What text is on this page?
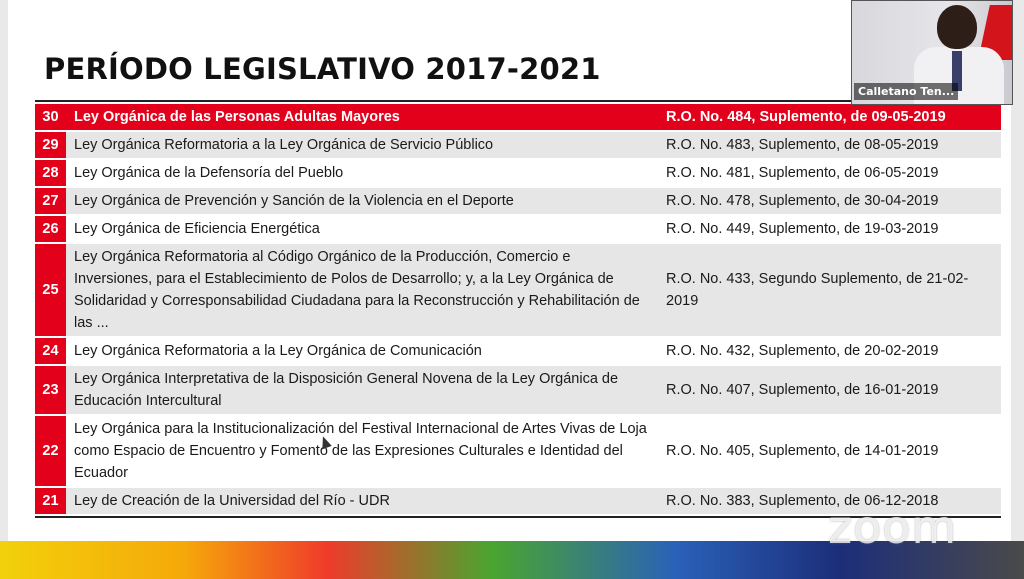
PERÍODO LEGISLATIVO 2017-2021
30	Ley Orgánica de las Personas Adultas Mayores	R.O. No. 484, Suplemento, de 09-05-2019
29	Ley Orgánica Reformatoria a la Ley Orgánica de Servicio Público	R.O. No. 483, Suplemento, de 08-05-2019
28	Ley Orgánica de la Defensoría del Pueblo	R.O. No. 481, Suplemento, de 06-05-2019
27	Ley Orgánica de Prevención y Sanción de la Violencia en el Deporte	R.O. No. 478, Suplemento, de 30-04-2019
26	Ley Orgánica de Eficiencia Energética	R.O. No. 449, Suplemento, de 19-03-2019
25	Ley Orgánica Reformatoria al Código Orgánico de la Producción, Comercio e Inversiones, para el Establecimiento de Polos de Desarrollo; y, a la Ley Orgánica de Solidaridad y Corresponsabilidad Ciudadana para la Reconstrucción y Rehabilitación de las ...	R.O. No. 433, Segundo Suplemento, de 21-02-2019
24	Ley Orgánica Reformatoria a la Ley Orgánica de Comunicación	R.O. No. 432, Suplemento, de 20-02-2019
23	Ley Orgánica Interpretativa de la Disposición General Novena de la Ley Orgánica de Educación Intercultural	R.O. No. 407, Suplemento, de 16-01-2019
22	Ley Orgánica para la Institucionalización del Festival Internacional de Artes Vivas de Loja como Espacio de Encuentro y Fomento de las Expresiones Culturales e Identidad del Ecuador	R.O. No. 405, Suplemento, de 14-01-2019
21	Ley de Creación de la Universidad del Río - UDR	R.O. No. 383, Suplemento, de 06-12-2018
Calletano Ten...
zoom
